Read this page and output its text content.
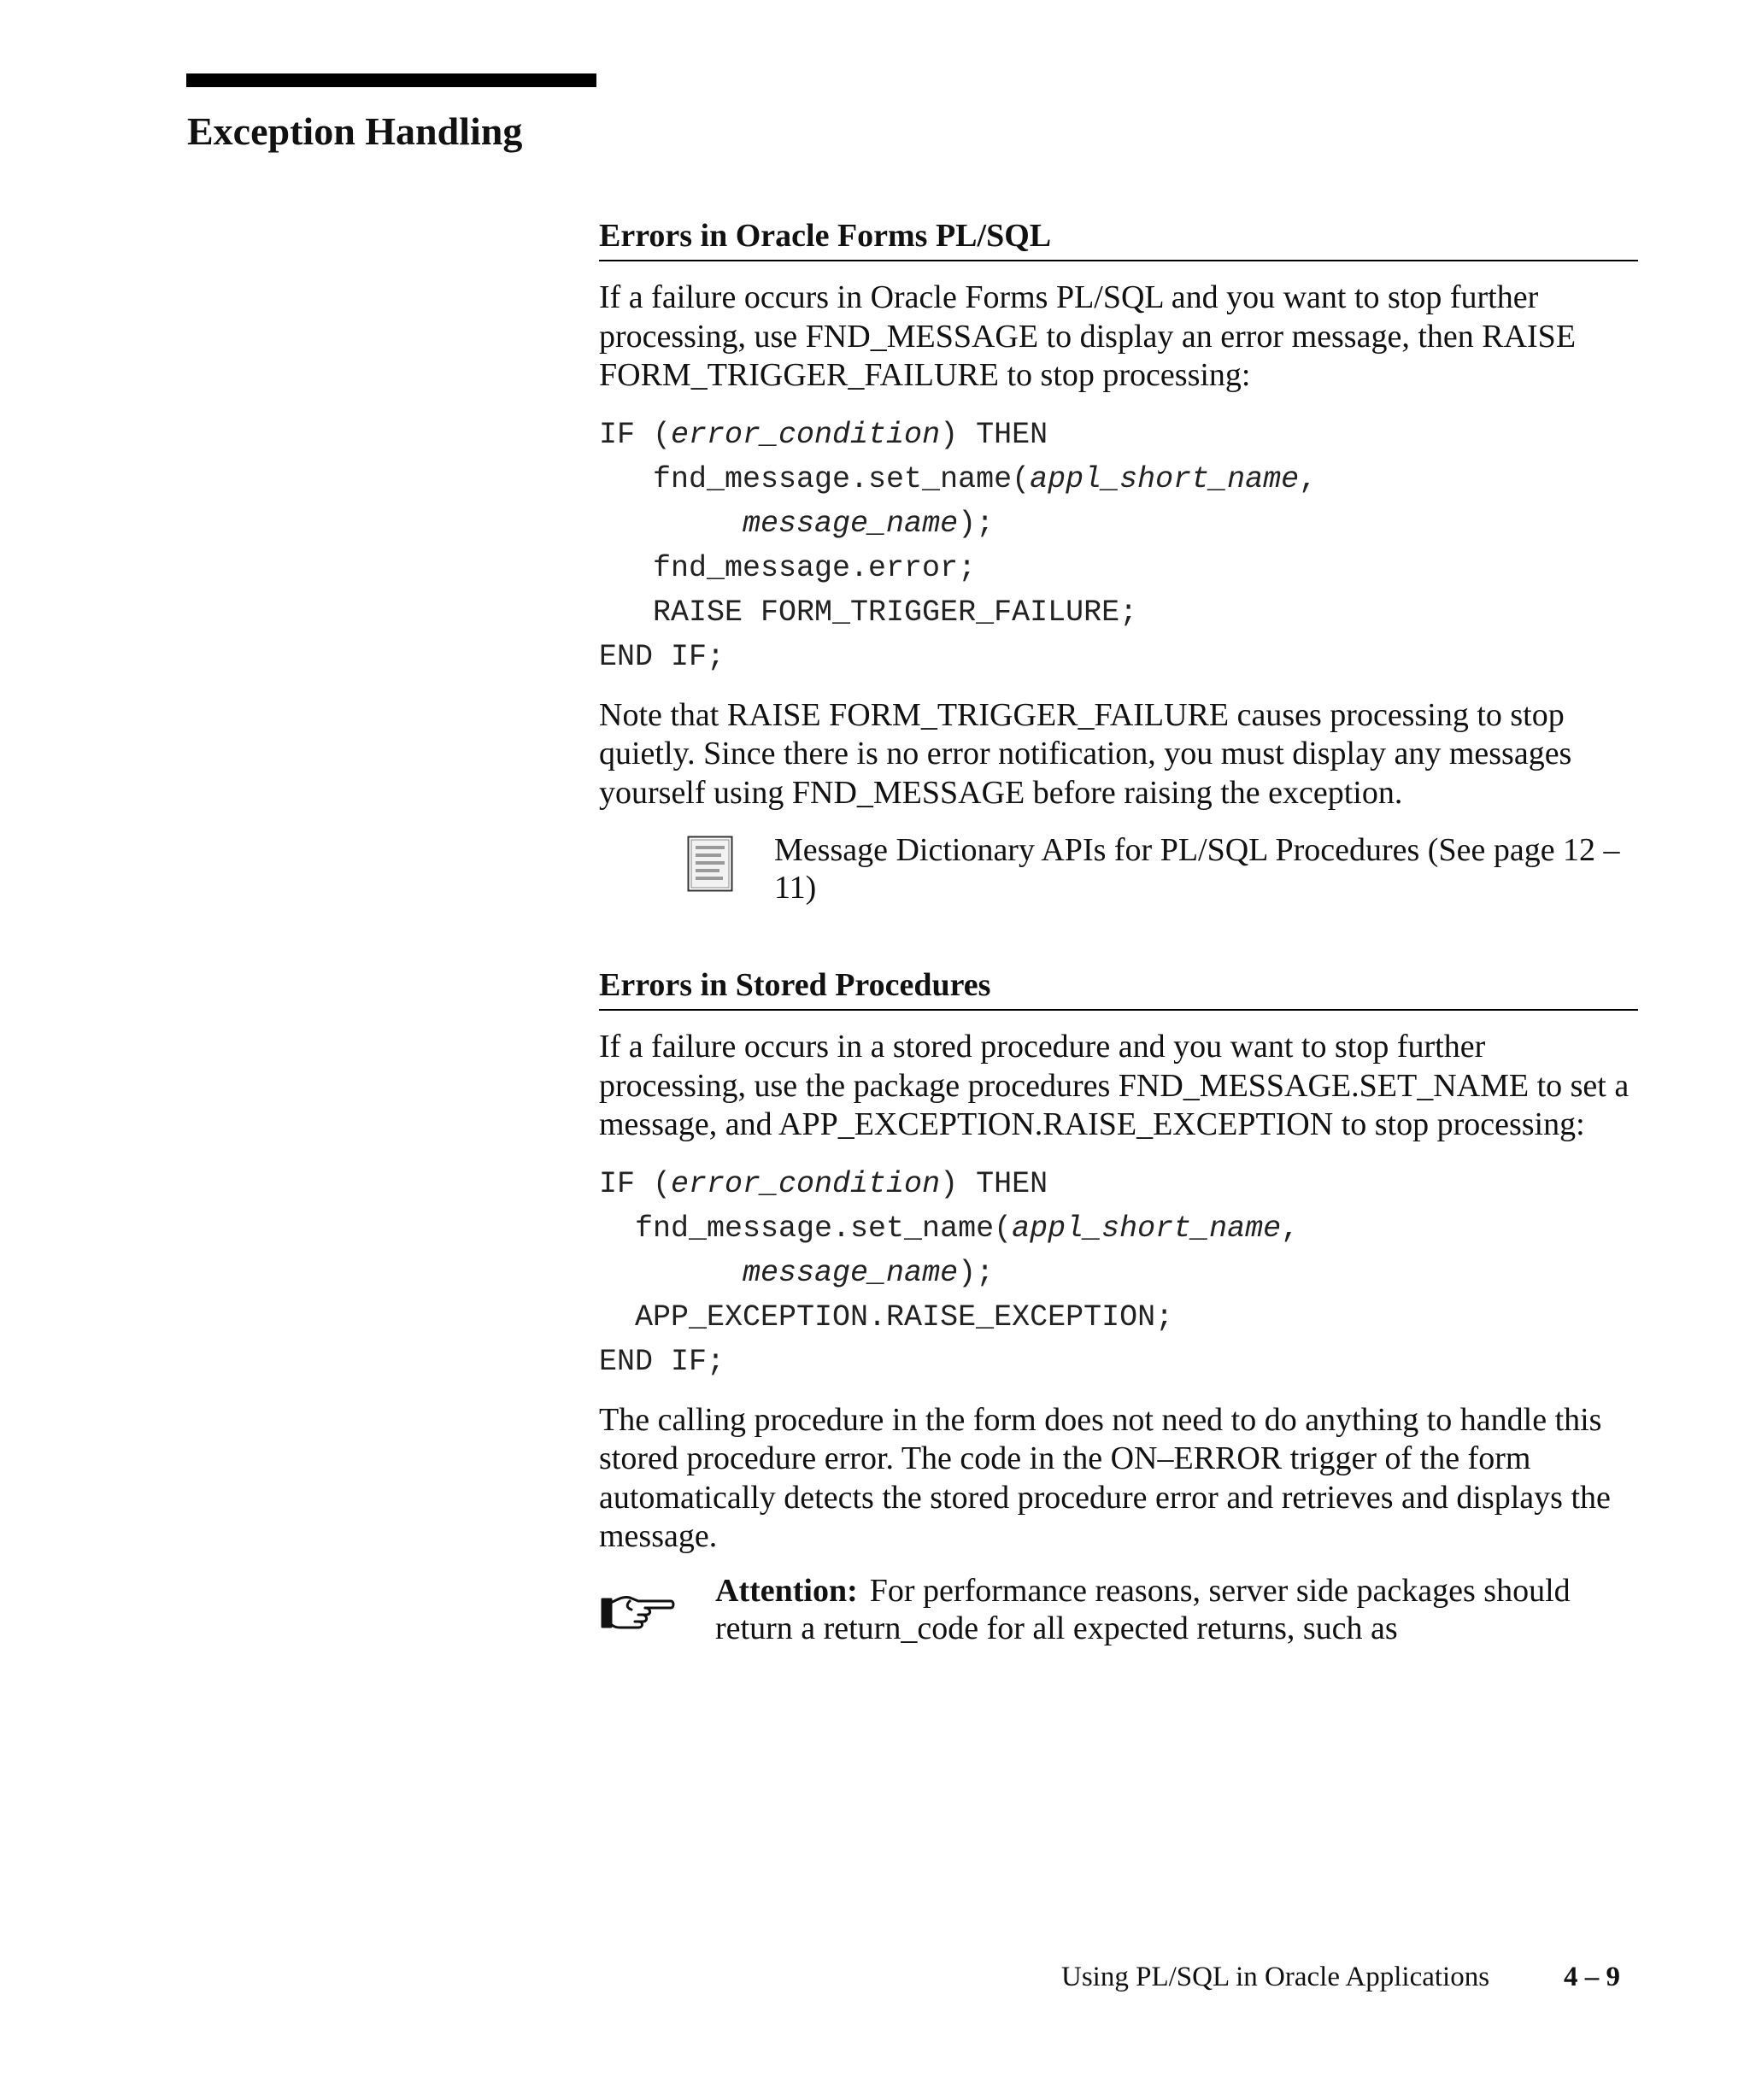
Exception Handling
Errors in Oracle Forms PL/SQL

If a failure occurs in Oracle Forms PL/SQL and you want to stop further processing, use FND_MESSAGE to display an error message, then RAISE FORM_TRIGGER_FAILURE to stop processing:

IF (error_condition) THEN
fnd_message.set_name(appl_short_name,
message_name);
fnd_message.error;
RAISE FORM_TRIGGER_FAILURE;
END IF;

Note that RAISE FORM_TRIGGER_FAILURE causes processing to stop quietly. Since there is no error notification, you must display any messages yourself using FND_MESSAGE before raising the exception.

Message Dictionary APIs for PL/SQL Procedures (See page 12 – 11)
Errors in Stored Procedures

If a failure occurs in a stored procedure and you want to stop further processing, use the package procedures FND_MESSAGE.SET_NAME to set a message, and APP_EXCEPTION.RAISE_EXCEPTION to stop processing:

IF (error_condition) THEN
fnd_message.set_name(appl_short_name,
message_name);
APP_EXCEPTION.RAISE_EXCEPTION;
END IF;

The calling procedure in the form does not need to do anything to handle this stored procedure error. The code in the ON–ERROR trigger of the form automatically detects the stored procedure error and retrieves and displays the message.

Attention: For performance reasons, server side packages should return a return_code for all expected returns, such as
Using PL/SQL in Oracle Applications	4 – 9
